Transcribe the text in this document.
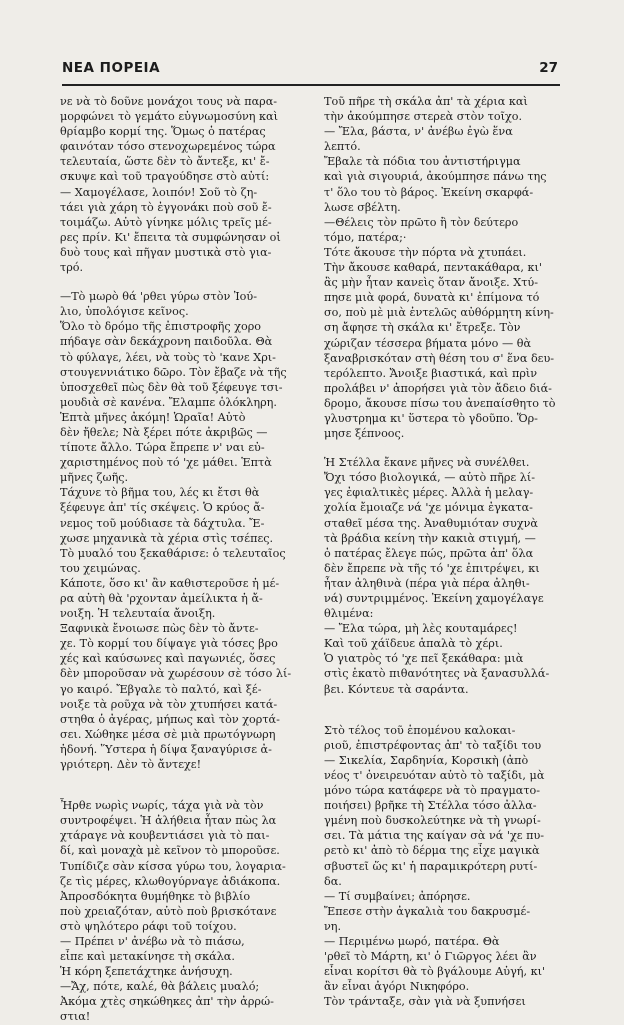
ΝΕΑ ΠΟΡΕΙΑ	27
νε νὰ τὸ δοῦνε μονάχοι τους νὰ παρα-
μορφώνει τὸ γεμάτο εὐγνωμοσύνη καὶ
θρίαμβο κορμί της. Ὅμως ὁ πατέρας
φαινόταν τόσο στενοχωρεμένος τώρα
τελευταία, ὥστε δὲν τὸ ἄντεξε, κι' ἔ-
σκυψε καὶ τοῦ τραγούδησε στὸ αὐτί:
— Χαμογέλασε, λοιπόν! Σοῦ τὸ ζη-
τάει γιὰ χάρη τὸ ἐγγονάκι ποὺ σοῦ ἔ-
τοιμάζω. Αὐτὸ γίνηκε μόλις τρεῖς μέ-
ρες πρίν. Κι' ἔπειτα τὰ συμφώνησαν οἱ
δυὸ τους καὶ πῆγαν μυστικὰ στὸ για-
τρό.
—Τὸ μωρὸ θά 'ρθει γύρω στὸν Ἰού-
λιο, ὑπολόγισε κεῖνος.
Ὅλο τὸ δρόμο τῆς ἐπιστροφῆς χορο
πήδαγε σὰν δεκάχρονη παιδοῦλα. Θὰ
τὸ φύλαγε, λέει, νὰ τοὺς τὸ 'κανε Χρι-
στουγεννιάτικο δῶρο. Τὸν ἔβαζε νὰ τῆς
ὑποσχεθεῖ πὼς δὲν θὰ τοῦ ξέφευγε τσι-
μουδιὰ σὲ κανένα. Ἔλαμπε ὁλόκληρη.
Ἑπτὰ μῆνες ἀκόμη! Ὡραῖα! Αὐτὸ
δὲν ἤθελε; Νὰ ξέρει πότε ἀκριβῶς —
τίποτε ἄλλο. Τώρα ἔπρεπε ν' ναι εὐ-
χαριστημένος ποὺ τό 'χε μάθει. Ἑπτὰ
μῆνες ζωῆς.
Τάχυνε τὸ βῆμα του, λές κι ἔτσι θὰ
ξέφευγε ἀπ' τίς σκέψεις. Ὁ κρύος ἄ-
νεμος τοῦ μούδιασε τὰ δάχτυλα. Ἔ-
χωσε μηχανικὰ τὰ χέρια στὶς τσέπες.
Τὸ μυαλό του ξεκαθάρισε: ὁ τελευταῖος
του χειμώνας.
Κάποτε, ὅσο κι' ἂν καθιστεροῦσε ἡ μέ-
ρα αὐτὴ θὰ 'ρχονταν ἀμείλικτα ἡ ἄ-
νοιξη. Ἡ τελευταία ἄνοιξη.
Ξαφνικὰ ἔνοιωσε πὼς δὲν τὸ ἄντε-
χε. Τὸ κορμί του δίψαγε γιὰ τόσες βρο
χές καὶ καύσωνες καὶ παγωνιές, ὅσες
δὲν μποροῦσαν νὰ χωρέσουν σὲ τόσο λί-
γο καιρό. Ἔβγαλε τὸ παλτό, καὶ ξέ-
νοιξε τὰ ροῦχα νὰ τὸν χτυπήσει κατά-
στηθα ὁ ἀγέρας, μήπως καὶ τὸν χορτά-
σει. Χώθηκε μέσα σὲ μιὰ πρωτόγνωρη
ἡδονή. Ὕστερα ἡ δίψα ξαναγύρισε ἀ-
γριότερη. Δὲν τὸ ἄντεχε!
Ἦρθε νωρὶς νωρίς, τάχα γιὰ νὰ τὸν
συντροφέψει. Ἡ ἀλήθεια ἦταν πὼς λα
χτάραγε νὰ κουβεντιάσει γιὰ τὸ παι-
δί, καὶ μοναχὰ μὲ κεῖνον τὸ μποροῦσε.
Τυπίδιζε σὰν κίσσα γύρω του, λογαρια-
ζε τὶς μέρες, κλωθογύρναγε ἀδιάκοπα.
Ἀπροσδόκητα θυμήθηκε τὸ βιβλίο
ποὺ χρειαζόταν, αὐτὸ ποὺ βρισκότανε
στὸ ψηλότερο ράφι τοῦ τοίχου.
— Πρέπει ν' ἀνέβω νὰ τὸ πιάσω,
εἶπε καὶ μετακίνησε τὴ σκάλα.
Ἡ κόρη ξεπετάχτηκε ἀνήσυχη.
—Ἄχ, πότε, καλέ, θὰ βάλεις μυαλό;
Ἀκόμα χτὲς σηκώθηκες ἀπ' τὴν ἀρρώ-
στια!
Τοῦ πῆρε τὴ σκάλα ἀπ' τὰ χέρια καὶ
τὴν ἀκούμπησε στερεὰ στὸν τοῖχο.
— Ἔλα, βάστα, ν' ἀνέβω ἐγὼ ἕνα
λεπτό.
Ἔβαλε τὰ πόδια του ἀντιστήριγμα
καὶ γιὰ σιγουριά, ἀκούμπησε πάνω της
τ' ὅλο του τὸ βάρος. Ἐκείνη σκαρφά-
λωσε σβέλτη.
—Θέλεις τὸν πρῶτο ἢ τὸν δεύτερο
τόμο, πατέρα;·
Τότε ἄκουσε τὴν πόρτα νὰ χτυπάει.
Τὴν ἄκουσε καθαρά, πεντακάθαρα, κι'
ἂς μὴν ἦταν κανεὶς ὅταν ἄνοιξε. Χτύ-
πησε μιὰ φορά, δυνατὰ κι' ἐπίμονα τό
σο, ποὺ μὲ μιὰ ἐντελῶς αὐθόρμητη κίνη-
ση ἄφησε τὴ σκάλα κι' ἔτρεξε. Τὸν
χώριζαν τέσσερα βήματα μόνο — θὰ
ξαναβρισκόταν στὴ θέση του σ' ἕνα δευ-
τερόλεπτο. Ἄνοιξε βιαστικά, καὶ πρὶν
προλάβει ν' ἀπορήσει γιὰ τὸν ἄδειο διά-
δρομο, ἄκουσε πίσω του ἀνεπαίσθητο τὸ
γλυστρημα κι' ὕστερα τὸ γδοῦπο. Ὅρ-
μησε ξέπνοος.
Ἡ Στέλλα ἔκανε μῆνες νὰ συνέλθει.
Ὄχι τόσο βιολογικά, — αὐτὸ πῆρε λί-
γες ἐφιαλτικὲς μέρες. Ἀλλὰ ἡ μελαγ-
χολία ἔμοιαζε νά 'χε μόνιμα ἐγκατα-
σταθεῖ μέσα της. Ἀναθυμιόταν συχνὰ
τὰ βράδια κείνη τὴν κακιὰ στιγμή, —
ὁ πατέρας ἔλεγε πώς, πρῶτα ἀπ' ὅλα
δὲν ἔπρεπε νὰ τῆς τό 'χε ἐπιτρέψει, κι
ἦταν ἀληθινὰ (πέρα γιὰ πέρα ἀληθι-
νά) συντριμμένος. Ἐκείνη χαμογέλαγε
θλιμένα:
— Ἔλα τώρα, μὴ λὲς κουταμάρες!
Καὶ τοῦ χάϊδευε ἁπαλὰ τὸ χέρι.
Ὁ γιατρὸς τό 'χε πεῖ ξεκάθαρα: μιὰ
στὶς ἑκατὸ πιθανότητες νὰ ξανασυλλά-
βει. Κόντευε τὰ σαράντα.
Στὸ τέλος τοῦ ἑπομένου καλοκαι-
ριοῦ, ἐπιστρέφοντας ἀπ' τὸ ταξίδι του
— Σικελία, Σαρδηνία, Κορσικὴ (ἀπὸ
νέος τ' ὀνειρευόταν αὐτὸ τὸ ταξίδι, μὰ
μόνο τώρα κατάφερε νὰ τὸ πραγματο-
ποιήσει) βρῆκε τὴ Στέλλα τόσο ἀλλα-
γμένη ποὺ δυσκολεύτηκε νὰ τὴ γνωρί-
σει. Τὰ μάτια της καίγαν σὰ νά 'χε πυ-
ρετὸ κι' ἀπὸ τὸ δέρμα της εἶχε μαγικὰ
σβυστεῖ ὥς κι' ἡ παραμικρότερη ρυτί-
δα.
— Τί συμβαίνει; ἀπόρησε.
Ἔπεσε στὴν ἀγκαλιὰ του δακρυσμέ-
νη.
— Περιμένω μωρό, πατέρα. Θὰ
'ρθεῖ τὸ Μάρτη, κι' ὁ Γιῶργος λέει ἂν
εἶναι κορίτσι θὰ τὸ βγάλουμε Αὐγή, κι'
ἂν εἶναι ἀγόρι Νικηφόρο.
Τὸν τράνταξε, σὰν γιὰ νὰ ξυπνήσει
